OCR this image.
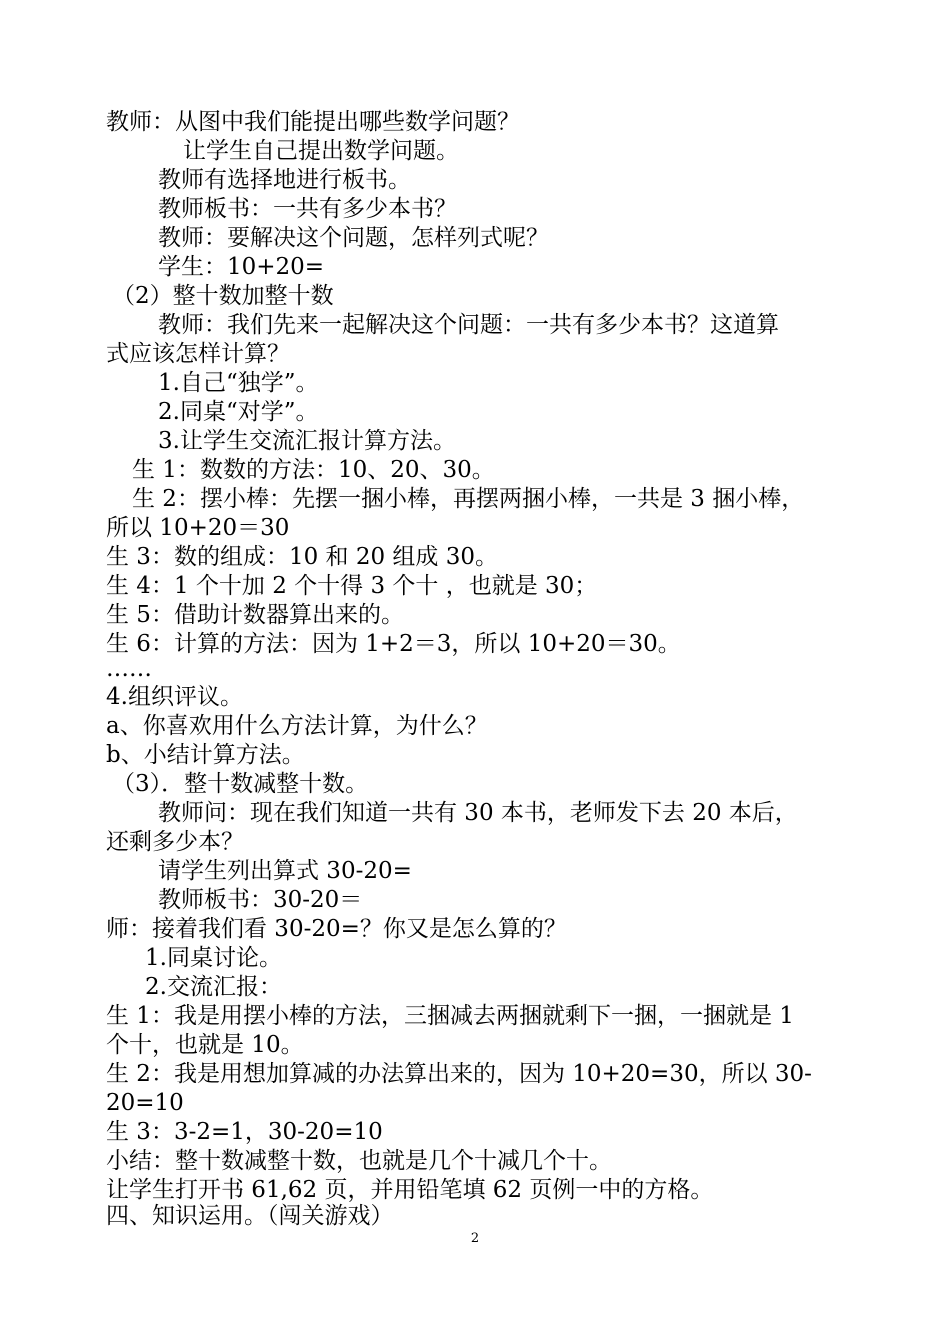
教师：从图中我们能提出哪些数学问题？
让学生自己提出数学问题。
教师有选择地进行板书。
教师板书：一共有多少本书？
教师：要解决这个问题，怎样列式呢？
学生：10+20=
（2）整十数加整十数
教师：我们先来一起解决这个问题：一共有多少本书？这道算
式应该怎样计算？
1.自己“独学”。
2.同桌“对学”。
3.让学生交流汇报计算方法。
生 1：数数的方法：10、20、30。
生 2：摆小棒：先摆一捆小棒，再摆两捆小棒，一共是 3 捆小棒，
所以 10+20＝30
生 3：数的组成：10 和 20 组成 30。
生 4：1 个十加 2 个十得 3 个十 ，也就是 30；
生 5：借助计数器算出来的。
生 6：计算的方法：因为 1+2＝3，所以 10+20＝30。
……
4.组织评议。
a、你喜欢用什么方法计算，为什么？
b、小结计算方法。
（3）．整十数减整十数。
教师问：现在我们知道一共有 30 本书，老师发下去 20 本后，
还剩多少本？
请学生列出算式 30-20=
教师板书：30-20＝
师：接着我们看 30-20=？你又是怎么算的？
1.同桌讨论。
2.交流汇报：
生 1：我是用摆小棒的方法，三捆减去两捆就剩下一捆，一捆就是 1
个十，也就是 10。
生 2：我是用想加算减的办法算出来的，因为 10+20=30，所以 30-
20=10
生 3：3-2=1，30-20=10
小结：整十数减整十数，也就是几个十减几个十。
让学生打开书 61,62 页，并用铅笔填 62 页例一中的方格。
四、知识运用。（闯关游戏）
2
